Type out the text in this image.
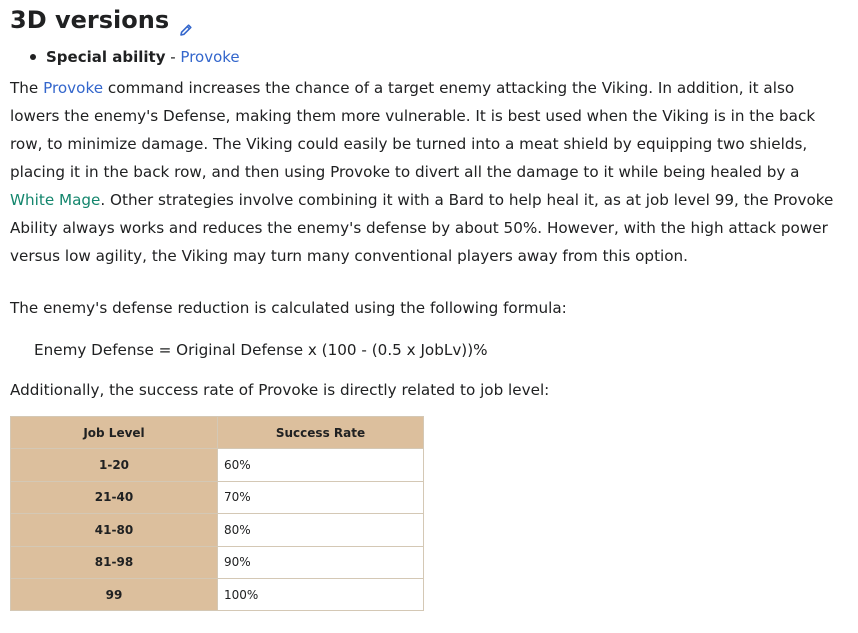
3D versions
Special ability - Provoke

The Provoke command increases the chance of a target enemy attacking the Viking. In addition, it also lowers the enemy's Defense, making them more vulnerable. It is best used when the Viking is in the back row, to minimize damage. The Viking could easily be turned into a meat shield by equipping two shields, placing it in the back row, and then using Provoke to divert all the damage to it while being healed by a White Mage. Other strategies involve combining it with a Bard to help heal it, as at job level 99, the Provoke Ability always works and reduces the enemy's defense by about 50%. However, with the high attack power versus low agility, the Viking may turn many conventional players away from this option.

The enemy's defense reduction is calculated using the following formula:

Enemy Defense = Original Defense x (100 - (0.5 x JobLv))%

Additionally, the success rate of Provoke is directly related to job level:

Job Level	Success Rate
1-20	60%
21-40	70%
41-80	80%
81-98	90%
99	100%
